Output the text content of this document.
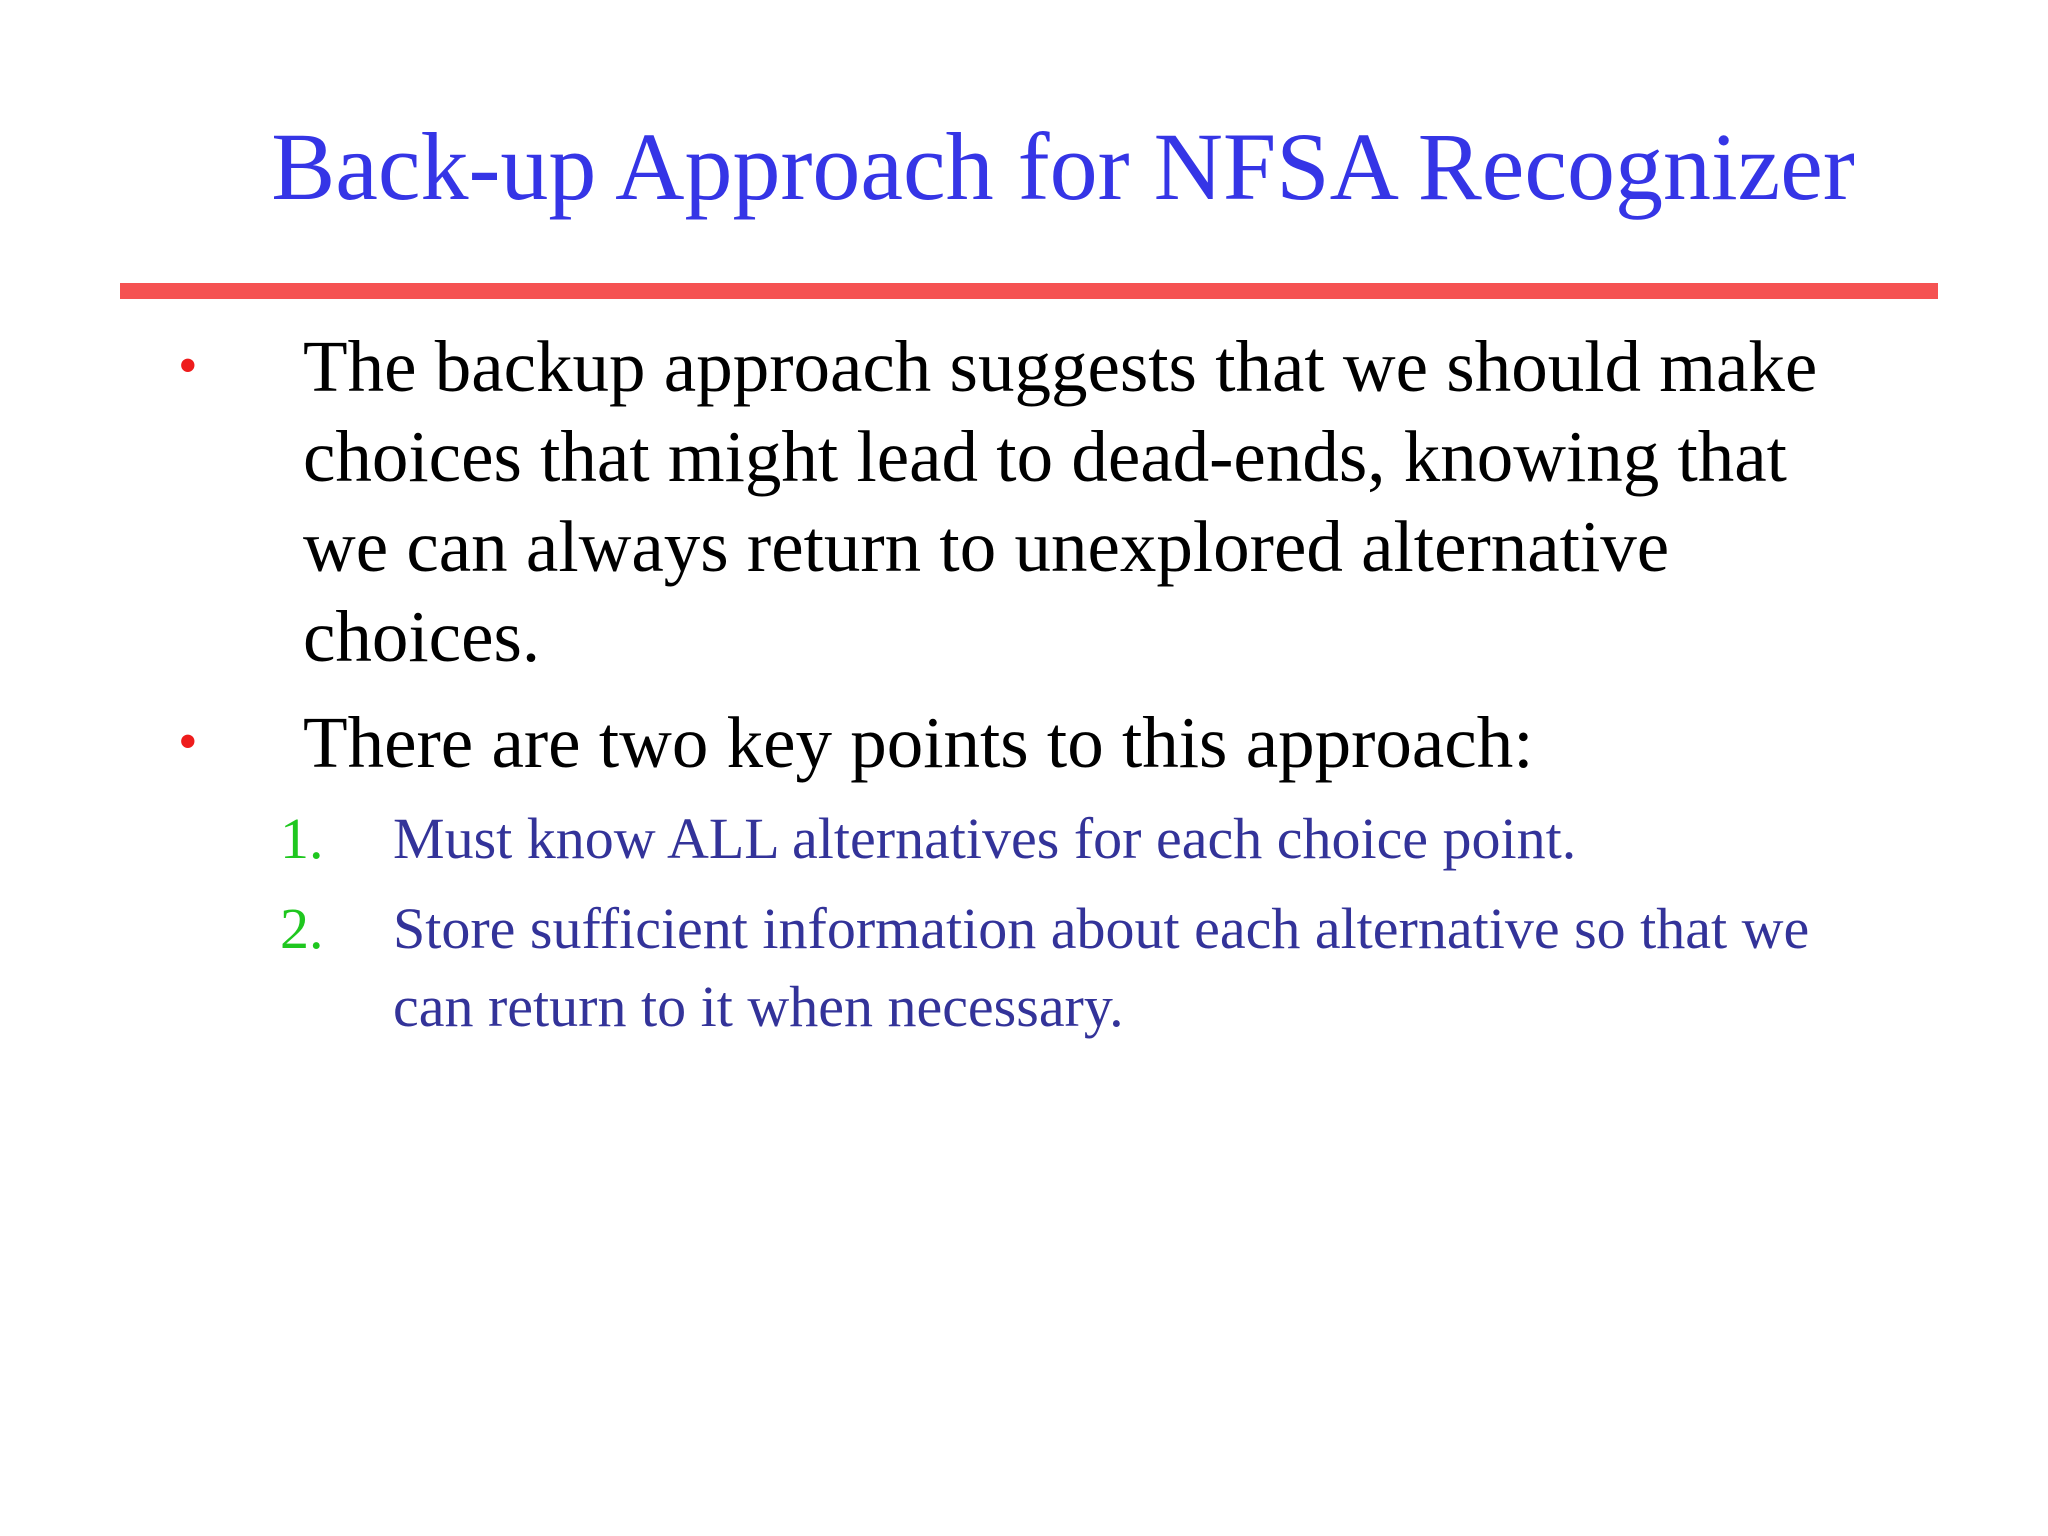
Back-up Approach for NFSA Recognizer
• The backup approach suggests that we should make choices that might lead to dead-ends, knowing that we can always return to unexplored alternative choices.
• There are two key points to this approach:
1. Must know ALL alternatives for each choice point.
2. Store sufficient information about each alternative so that we can return to it when necessary.
